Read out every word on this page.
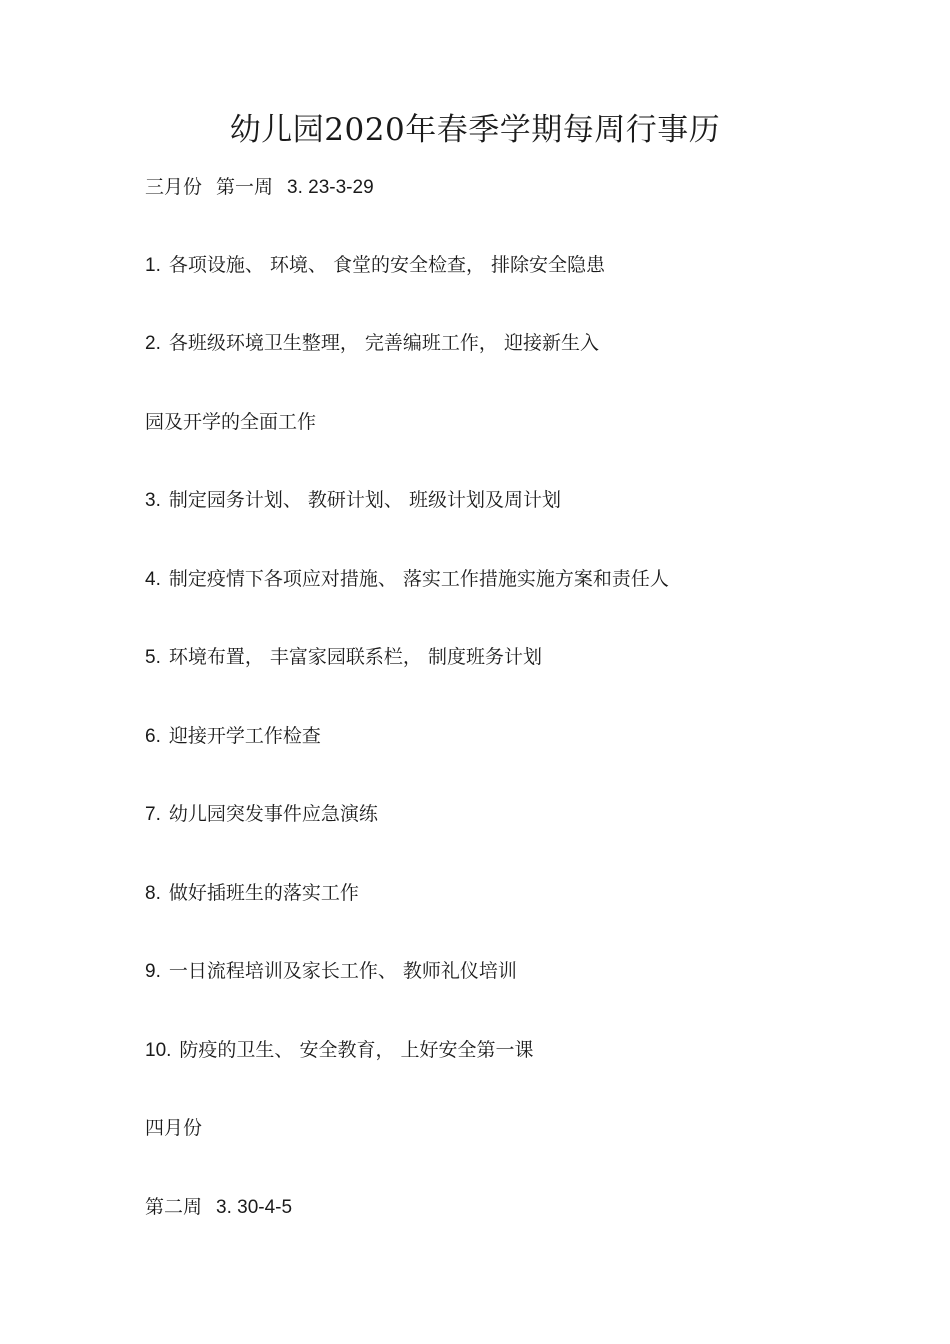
幼儿园2020年春季学期每周行事历

三月份 第一周 3. 23-3-29

1. 各项设施、 环境、 食堂的安全检查， 排除安全隐患

2. 各班级环境卫生整理， 完善编班工作， 迎接新生入

园及开学的全面工作

3. 制定园务计划、 教研计划、 班级计划及周计划

4. 制定疫情下各项应对措施、 落实工作措施实施方案和责任人

5. 环境布置， 丰富家园联系栏， 制度班务计划

6. 迎接开学工作检查

7. 幼儿园突发事件应急演练

8. 做好插班生的落实工作

9. 一日流程培训及家长工作、 教师礼仪培训

10. 防疫的卫生、 安全教育， 上好安全第一课

四月份

第二周 3. 30-4-5
